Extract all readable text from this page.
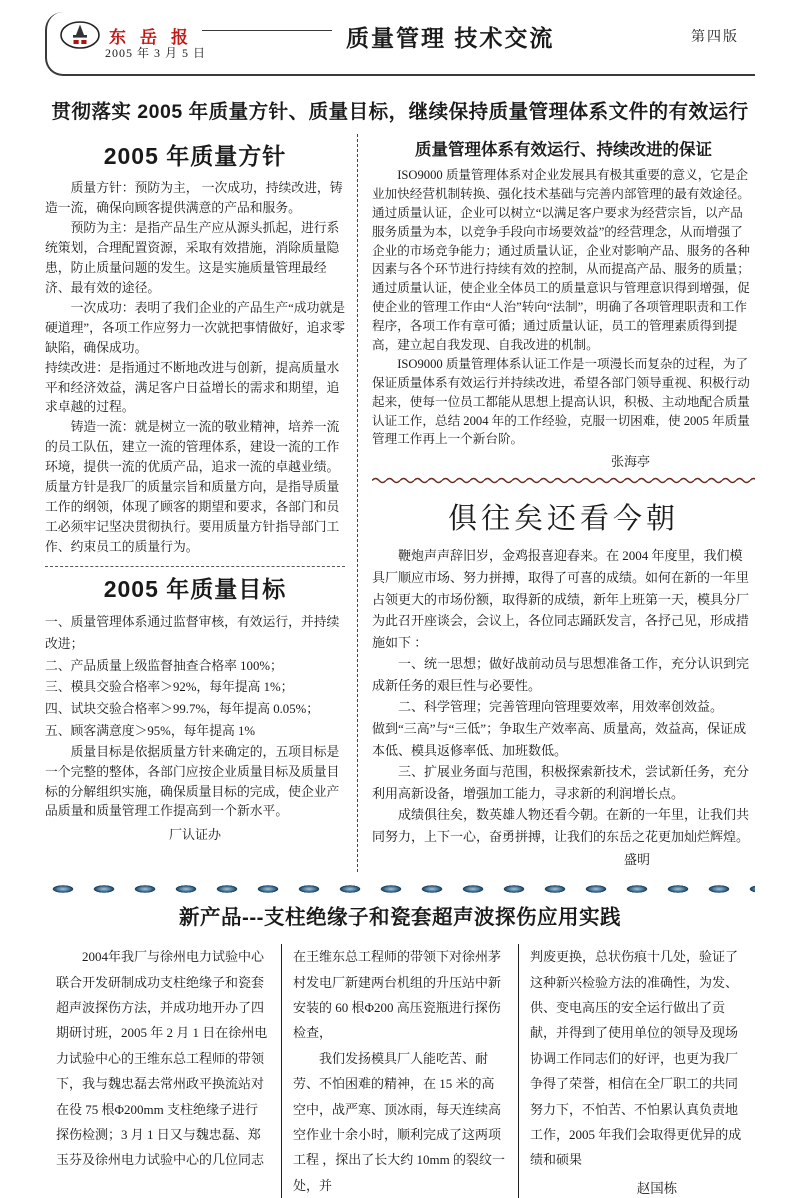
东岳报	质量管理 技术交流	第四版
2005 年 3 月 5 日
贯彻落实 2005 年质量方针、质量目标，继续保持质量管理体系文件的有效运行
2005 年质量方针

质量方针：预防为主， 一次成功，持续改进，铸造一流，确保向顾客提供满意的产品和服务。

预防为主：是指产品生产应从源头抓起，进行系统策划，合理配置资源，采取有效措施，消除质量隐患，防止质量问题的发生。这是实施质量管理最经济、最有效的途径。

一次成功：表明了我们企业的产品生产“成功就是硬道理”，各项工作应努力一次就把事情做好，追求零缺陷，确保成功。

持续改进：是指通过不断地改进与创新，提高质量水平和经济效益，满足客户日益增长的需求和期望，追求卓越的过程。

铸造一流：就是树立一流的敬业精神，培养一流的员工队伍，建立一流的管理体系，建设一流的工作环境，提供一流的优质产品，追求一流的卓越业绩。

质量方针是我厂的质量宗旨和质量方向，是指导质量工作的纲领，体现了顾客的期望和要求，各部门和员工必须牢记坚决贯彻执行。要用质量方针指导部门工作、约束员工的质量行为。

2005 年质量目标
一、质量管理体系通过监督审核，有效运行，并持续改进；
二、产品质量上级监督抽查合格率 100%；
三、模具交验合格率＞92%，每年提高 1%；
四、试块交验合格率＞99.7%，每年提高 0.05%；
五、顾客满意度＞95%，每年提高 1%

质量目标是依据质量方针来确定的，五项目标是一个完整的整体，各部门应按企业质量目标及质量目标的分解组织实施，确保质量目标的完成，使企业产品质量和质量管理工作提高到一个新水平。

厂认证办
质量管理体系有效运行、持续改进的保证

ISO9000 质量管理体系对企业发展具有极其重要的意义，它是企业加快经营机制转换、强化技术基础与完善内部管理的最有效途径。通过质量认证，企业可以树立“以满足客户要求为经营宗旨，以产品服务质量为本，以竞争手段向市场要效益”的经营理念，从而增强了企业的市场竞争能力；通过质量认证，企业对影响产品、服务的各种因素与各个环节进行持续有效的控制，从而提高产品、服务的质量；通过质量认证，使企业全体员工的质量意识与管理意识得到增强，促使企业的管理工作由“人治”转向“法制”，明确了各项管理职责和工作程序，各项工作有章可循；通过质量认证，员工的管理素质得到提高，建立起自我发现、自我改进的机制。

ISO9000 质量管理体系认证工作是一项漫长而复杂的过程，为了保证质量体系有效运行并持续改进，希望各部门领导重视、积极行动起来，使每一位员工都能从思想上提高认识，积极、主动地配合质量认证工作，总结 2004 年的工作经验，克服一切困难，使 2005 年质量管理工作再上一个新台阶。

张海亭
俱往矣还看今朝

鞭炮声声辞旧岁，金鸡报喜迎春来。在 2004 年度里，我们模具厂顺应市场、努力拼搏，取得了可喜的成绩。如何在新的一年里占领更大的市场份额，取得新的成绩，新年上班第一天，模具分厂为此召开座谈会，会议上，各位同志踊跃发言，各抒己见，形成措施如下 ：

一、统一思想；做好战前动员与思想准备工作，充分认识到完成新任务的艰巨性与必要性。

二、科学管理；完善管理向管理要效率，用效率创效益。

做到“三高”与“三低”；争取生产效率高、质量高，效益高，保证成本低、模具返修率低、加班数低。

三、扩展业务面与范围，积极探索新技术，尝试新任务，充分利用高新设备，增强加工能力，寻求新的利润增长点。

成绩俱往矣，数英雄人物还看今朝。在新的一年里，让我们共同努力，上下一心，奋勇拼搏，让我们的东岳之花更加灿烂辉煌。

盛明
新产品---支柱绝缘子和瓷套超声波探伤应用实践

2004年我厂与徐州电力试验中心联合开发研制成功支柱绝缘子和瓷套超声波探伤方法，并成功地开办了四期研讨班，2005 年 2 月 1 日在徐州电力试验中心的王维东总工程师的带领下，我与魏忠磊去常州政平换流站对在役 75 根Φ200mm 支柱绝缘子进行探伤检测；3 月 1 日又与魏忠磊、郑玉芬及徐州电力试验中心的几位同志

在王维东总工程师的带领下对徐州茅村发电厂新建两台机组的升压站中新安装的 60 根Φ200 高压瓷瓶进行探伤检查，

我们发扬模具厂人能吃苦、耐劳、不怕困难的精神，在 15 米的高空中，战严寒、顶冰雨，每天连续高空作业十余小时，顺利完成了这两项工程 ，探出了长大约 10mm 的裂纹一处，并

判废更换，总状伤痕十几处，验证了这种新兴检验方法的准确性，为发、供、变电高压的安全运行做出了贡献，并得到了使用单位的领导及现场协调工作同志们的好评，也更为我厂争得了荣誉，相信在全厂职工的共同努力下，不怕苦、不怕累认真负责地工作，2005 年我们会取得更优异的成绩和硕果

赵国栋
